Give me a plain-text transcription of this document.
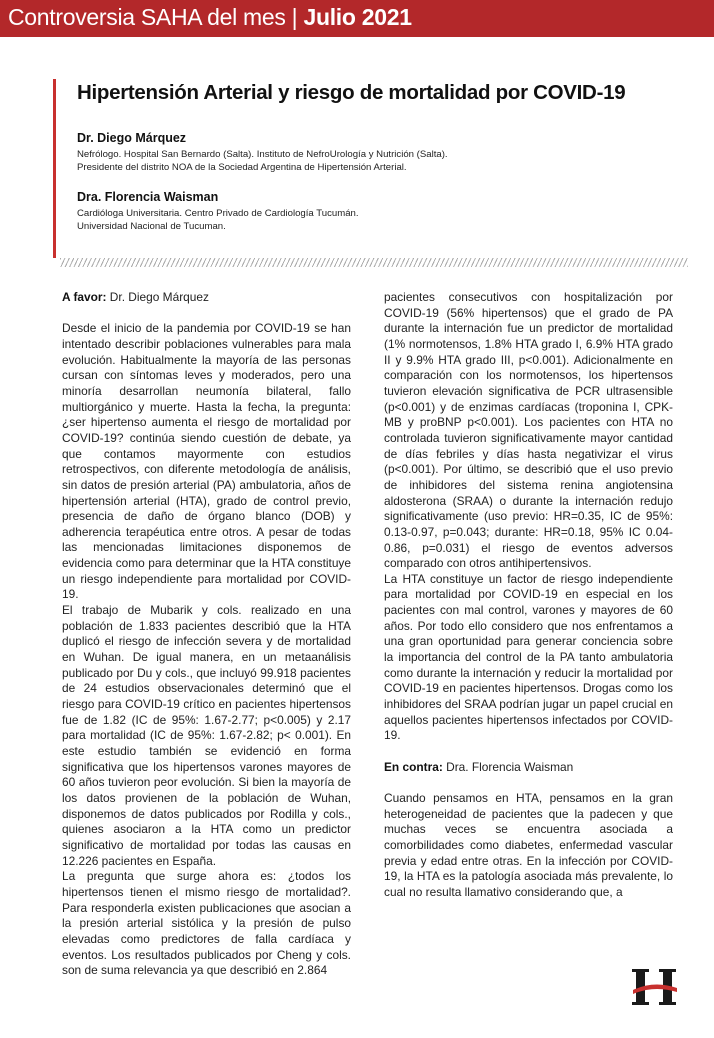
Controversia SAHA del mes | Julio 2021
Hipertensión Arterial y riesgo de mortalidad por COVID-19
Dr. Diego Márquez
Nefrólogo. Hospital San Bernardo (Salta). Instituto de NefroUrología y Nutrición (Salta).
Presidente del distrito NOA de la Sociedad Argentina de Hipertensión Arterial.
Dra. Florencia Waisman
Cardióloga Universitaria. Centro Privado de Cardiología Tucumán.
Universidad Nacional de Tucuman.

A favor: Dr. Diego Márquez

Desde el inicio de la pandemia por COVID-19 se han intentado describir poblaciones vulnerables para mala evolución. Habitualmente la mayoría de las personas cursan con síntomas leves y moderados, pero una minoría desarrollan neumonía bilateral, fallo multiorgánico y muerte. Hasta la fecha, la pregunta: ¿ser hipertenso aumenta el riesgo de mortalidad por COVID-19? continúa siendo cuestión de debate, ya que contamos mayormente con estudios retrospectivos, con diferente metodología de análisis, sin datos de presión arterial (PA) ambulatoria, años de hipertensión arterial (HTA), grado de control previo, presencia de daño de órgano blanco (DOB) y adherencia terapéutica entre otros. A pesar de todas las mencionadas limitaciones disponemos de evidencia como para determinar que la HTA constituye un riesgo independiente para mortalidad por COVID-19.

El trabajo de Mubarik y cols. realizado en una población de 1.833 pacientes describió que la HTA duplicó el riesgo de infección severa y de mortalidad en Wuhan. De igual manera, en un metaanálisis publicado por Du y cols., que incluyó 99.918 pacientes de 24 estudios observacionales determinó que el riesgo para COVID-19 crítico en pacientes hipertensos fue de 1.82 (IC de 95%: 1.67-2.77; p<0.005) y 2.17 para mortalidad (IC de 95%: 1.67-2.82; p< 0.001). En este estudio también se evidenció en forma significativa que los hipertensos varones mayores de 60 años tuvieron peor evolución. Si bien la mayoría de los datos provienen de la población de Wuhan, disponemos de datos publicados por Rodilla y cols., quienes asociaron a la HTA como un predictor significativo de mortalidad por todas las causas en 12.226 pacientes en España.

La pregunta que surge ahora es: ¿todos los hipertensos tienen el mismo riesgo de mortalidad?. Para responderla existen publicaciones que asocian a la presión arterial sistólica y la presión de pulso elevadas como predictores de falla cardíaca y eventos. Los resultados publicados por Cheng y cols. son de suma relevancia ya que describió en 2.864

pacientes consecutivos con hospitalización por COVID-19 (56% hipertensos) que el grado de PA durante la internación fue un predictor de mortalidad (1% normotensos, 1.8% HTA grado I, 6.9% HTA grado II y 9.9% HTA grado III, p<0.001). Adicionalmente en comparación con los normotensos, los hipertensos tuvieron elevación significativa de PCR ultrasensible (p<0.001) y de enzimas cardíacas (troponina I, CPK-MB y proBNP p<0.001). Los pacientes con HTA no controlada tuvieron significativamente mayor cantidad de días febriles y días hasta negativizar el virus (p<0.001). Por último, se describió que el uso previo de inhibidores del sistema renina angiotensina aldosterona (SRAA) o durante la internación redujo significativamente (uso previo: HR=0.35, IC de 95%: 0.13-0.97, p=0.043; durante: HR=0.18, 95% IC 0.04-0.86, p=0.031) el riesgo de eventos adversos comparado con otros antihipertensivos.

La HTA constituye un factor de riesgo independiente para mortalidad por COVID-19 en especial en los pacientes con mal control, varones y mayores de 60 años. Por todo ello considero que nos enfrentamos a una gran oportunidad para generar conciencia sobre la importancia del control de la PA tanto ambulatoria como durante la internación y reducir la mortalidad por COVID-19 en pacientes hipertensos. Drogas como los inhibidores del SRAA podrían jugar un papel crucial en aquellos pacientes hipertensos infectados por COVID-19.

En contra: Dra. Florencia Waisman

Cuando pensamos en HTA, pensamos en la gran heterogeneidad de pacientes que la padecen y que muchas veces se encuentra asociada a comorbilidades como diabetes, enfermedad vascular previa y edad entre otras. En la infección por COVID-19, la HTA es la patología asociada más prevalente, lo cual no resulta llamativo considerando que, a
